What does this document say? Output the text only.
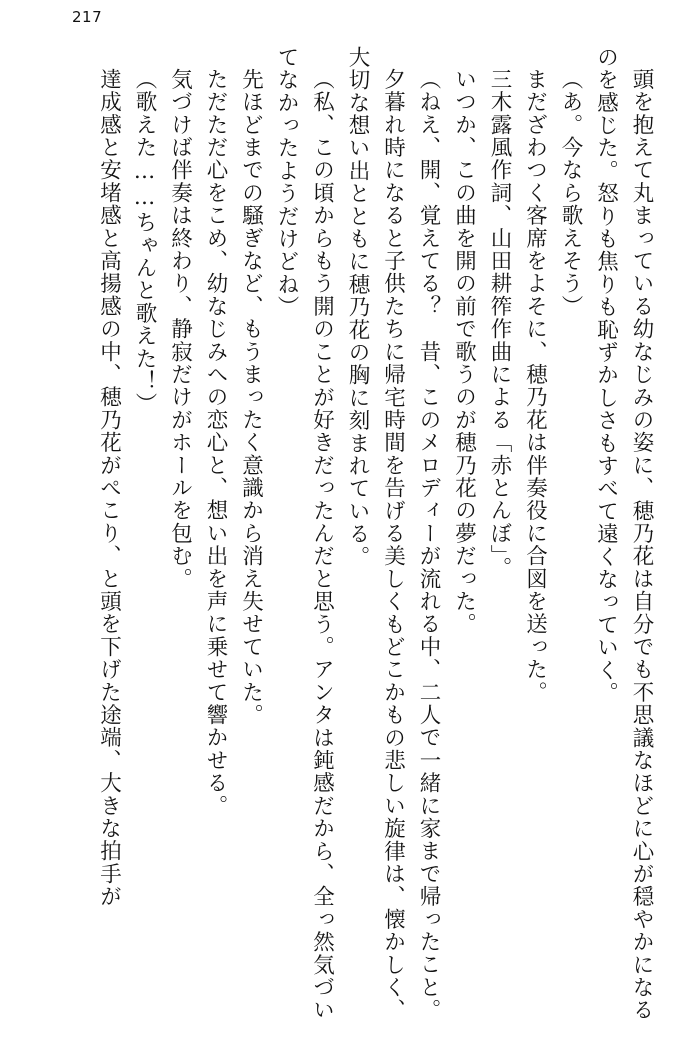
217

頭を抱えて丸まっている幼なじみの姿に、穂乃花は自分でも不思議なほどに心が穏やかになるのを感じた。怒りも焦りも恥ずかしさもすべて遠くなっていく。

（あ。今なら歌えそう）

まだざわつく客席をよそに、穂乃花は伴奏役に合図を送った。

三木露風作詞、山田耕筰作曲による「赤とんぼ」。

いつか、この曲を開の前で歌うのが穂乃花の夢だった。

（ねえ、開、覚えてる？　昔、このメロディーが流れる中、二人で一緒に家まで帰ったこと。

夕暮れ時になると子供たちに帰宅時間を告げる美しくもどこかもの悲しい旋律は、懐かしく、大切な想い出とともに穂乃花の胸に刻まれている。

（私、この頃からもう開のことが好きだったんだと思う。アンタは鈍感だから、全っ然気づいてなかったようだけどね）

先ほどまでの騒ぎなど、もうまったく意識から消え失せていた。

ただただ心をこめ、幼なじみへの恋心と、想い出を声に乗せて響かせる。

気づけば伴奏は終わり、静寂だけがホールを包む。

（歌えた……ちゃんと歌えた！）

達成感と安堵感と高揚感の中、穂乃花がぺこり、と頭を下げた途端、大きな拍手が
